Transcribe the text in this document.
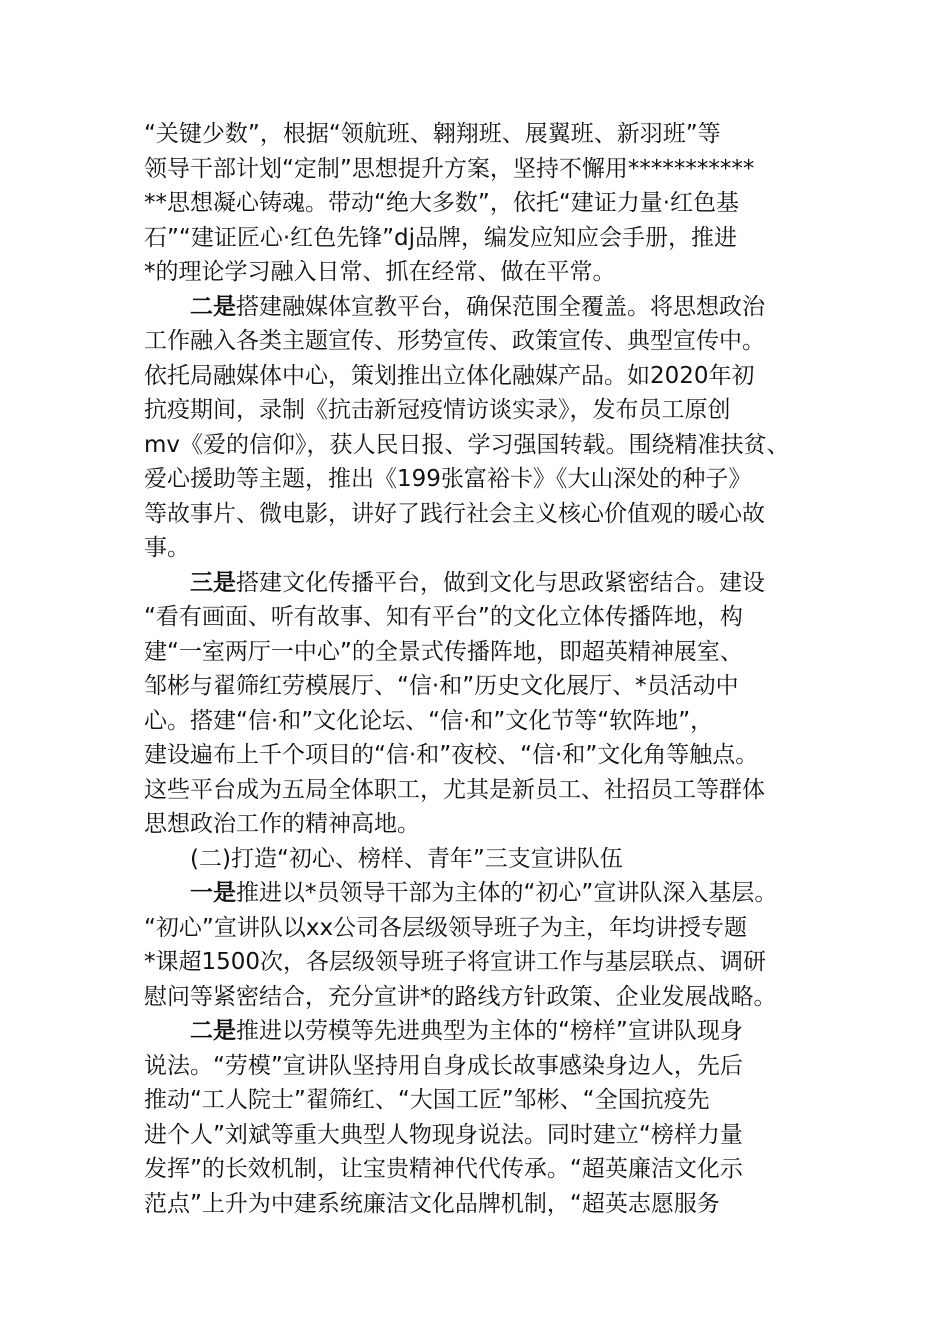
“关键少数”，根据“领航班、翱翔班、展翼班、新羽班”等
领导干部计划“定制”思想提升方案，坚持不懈用***********
**思想凝心铸魂。带动“绝大多数”，依托“建证力量·红色基
石”“建证匠心·红色先锋”dj品牌，编发应知应会手册，推进
*的理论学习融入日常、抓在经常、做在平常。
二是搭建融媒体宣教平台，确保范围全覆盖。将思想政治
工作融入各类主题宣传、形势宣传、政策宣传、典型宣传中。
依托局融媒体中心，策划推出立体化融媒产品。如2020年初
抗疫期间，录制《抗击新冠疫情访谈实录》，发布员工原创
mv《爱的信仰》，获人民日报、学习强国转载。围绕精准扶贫、
爱心援助等主题，推出《199张富裕卡》《大山深处的种子》
等故事片、微电影，讲好了践行社会主义核心价值观的暖心故
事。
三是搭建文化传播平台，做到文化与思政紧密结合。建设
“看有画面、听有故事、知有平台”的文化立体传播阵地，构
建“一室两厅一中心”的全景式传播阵地，即超英精神展室、
邹彬与翟筛红劳模展厅、“信·和”历史文化展厅、*员活动中
心。搭建“信·和”文化论坛、“信·和”文化节等“软阵地”，
建设遍布上千个项目的“信·和”夜校、“信·和”文化角等触点。
这些平台成为五局全体职工，尤其是新员工、社招员工等群体
思想政治工作的精神高地。
(二)打造“初心、榜样、青年”三支宣讲队伍
一是推进以*员领导干部为主体的“初心”宣讲队深入基层。
“初心”宣讲队以xx公司各层级领导班子为主，年均讲授专题
*课超1500次，各层级领导班子将宣讲工作与基层联点、调研
慰问等紧密结合，充分宣讲*的路线方针政策、企业发展战略。
二是推进以劳模等先进典型为主体的“榜样”宣讲队现身
说法。“劳模”宣讲队坚持用自身成长故事感染身边人，先后
推动“工人院士”翟筛红、“大国工匠”邹彬、“全国抗疫先
进个人”刘斌等重大典型人物现身说法。同时建立“榜样力量
发挥”的长效机制，让宝贵精神代代传承。“超英廉洁文化示
范点”上升为中建系统廉洁文化品牌机制，“超英志愿服务
